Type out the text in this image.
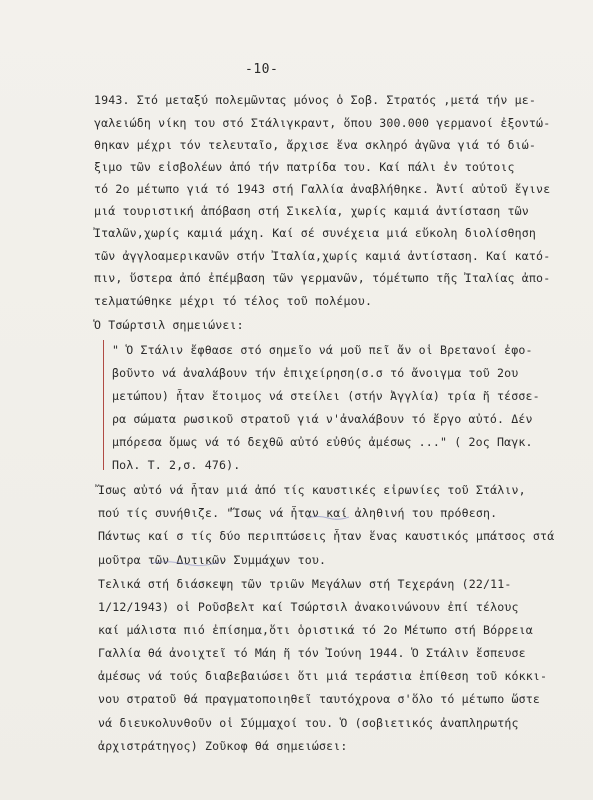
-10-
1943. Στό μεταξύ πολεμῶντας μόνος ὁ Σοβ. Στρατός ,μετά τήν με-
γαλειώδη νίκη του στό Στάλιγκραντ, ὅπου 300.000 γερμανοί ἐξοντώ-
θηκαν μέχρι τόν τελευταῖο, ἄρχισε ἕνα σκληρό ἀγῶνα γιά τό διώ-
ξιμο τῶν εἰσβολέων ἀπό τήν πατρίδα του. Καί πάλι ἐν τούτοις
τό 2ο μέτωπο γιά τό 1943 στή Γαλλία ἀναβλήθηκε. Ἀντί αὐτοῦ ἔγινε
μιά τουριστική ἀπόβαση στή Σικελία, χωρίς καμιά ἀντίσταση τῶν
Ἰταλῶν,χωρίς καμιά μάχη. Καί σέ συνέχεια μιά εὔκολη διολίσθηση
τῶν ἀγγλοαμερικανῶν στήν Ἰταλία,χωρίς καμιά ἀντίσταση. Καί κατό-
πιν, ὕστερα ἀπό ἐπέμβαση τῶν γερμανῶν, τόμέτωπο τῆς Ἰταλίας ἀπο-
τελματώθηκε μέχρι τό τέλος τοῦ πολέμου.
Ὁ Τσώρτσιλ σημειώνει:
" Ὁ Στάλιν ἔφθασε στό σημεῖο νά μοῦ πεῖ ἄν οἱ Βρετανοί ἐφο-
βοῦντο νά ἀναλάβουν τήν ἐπιχείρηση(σ.σ τό ἄνοιγμα τοῦ 2ου
μετώπου) ἦταν ἕτοιμος νά στείλει (στήν Ἀγγλία) τρία ἤ τέσσε-
ρα σώματα ρωσικοῦ στρατοῦ γιά ν'ἀναλάβουν τό ἔργο αὐτό. Δέν
μπόρεσα ὅμως νά τό δεχθῶ αὐτό εὐθύς ἀμέσως ..." ( 2ος Παγκ.
Πολ. Τ. 2,σ. 476).
Ἴσως αὐτό νά ἦταν μιά ἀπό τίς καυστικές εἰρωνίες τοῦ Στάλιν,
πού τίς συνήθιζε. "Ἴσως νά ἦταν καί ἀληθινή του πρόθεση.
Πάντως καί σ τίς δύο περιπτώσεις ἦταν ἕνας καυστικός μπάτσος στά
μοῦτρα τῶν Δυτικῶν Συμμάχων του.
Τελικά στή διάσκεψη τῶν τριῶν Μεγάλων στή Τεχεράνη (22/11-
1/12/1943) οἱ Ροῦσβελτ καί Τσώρτσιλ ἀνακοινώνουν ἐπί τέλους
καί μάλιστα πιό ἐπίσημα,ὅτι ὁριστικά τό 2ο Μέτωπο στή Βόρρεια
Γαλλία θά ἀνοιχτεῖ τό Μάη ἤ τόν Ἰούνη 1944. Ὁ Στάλιν ἔσπευσε
ἀμέσως νά τούς διαβεβαιώσει ὅτι μιά τεράστια ἐπίθεση τοῦ κόκκι-
νου στρατοῦ θά πραγματοποιηθεῖ ταυτόχρονα σ'ὅλο τό μέτωπο ὥστε
νά διευκολυνθοῦν οἱ Σύμμαχοί του. Ὁ (σοβιετικός ἀναπληρωτής
ἀρχιστράτηγος) Ζοῦκοφ θά σημειώσει:
